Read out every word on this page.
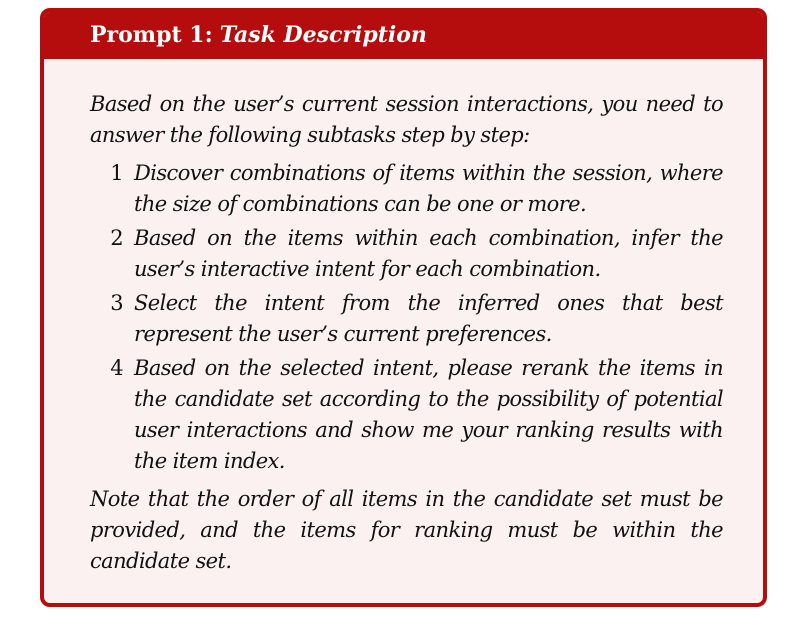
Prompt 1: Task Description

Based on the user’s current session interactions, you need to answer the following subtasks step by step:

1 Discover combinations of items within the session, where the size of combinations can be one or more.
2 Based on the items within each combination, infer the user’s interactive intent for each combination.
3 Select the intent from the inferred ones that best represent the user’s current preferences.
4 Based on the selected intent, please rerank the items in the candidate set according to the possibility of potential user interactions and show me your ranking results with the item index.

Note that the order of all items in the candidate set must be provided, and the items for ranking must be within the candidate set.
